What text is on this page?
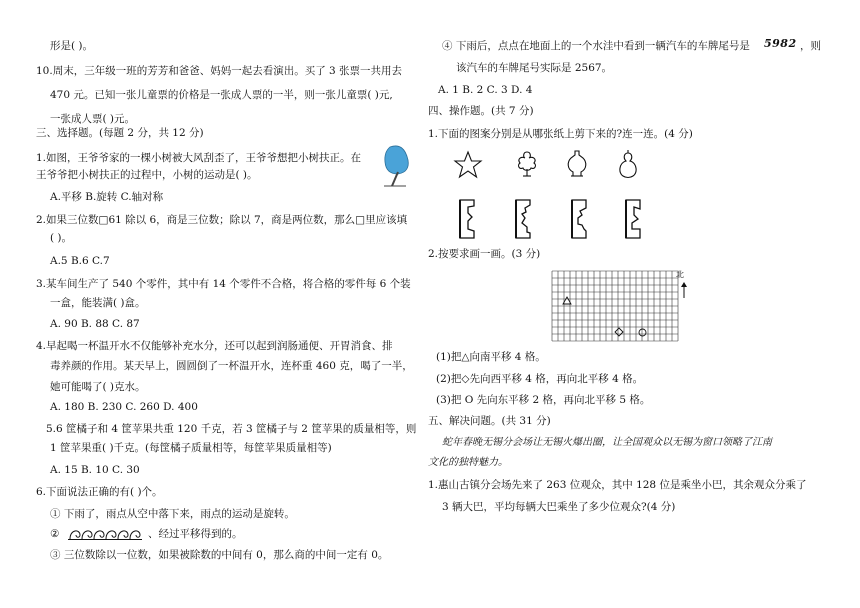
形是( )。
10.周末，三年级一班的芳芳和爸爸、妈妈一起去看演出。买了 3 张票一共用去
470 元。已知一张儿童票的价格是一张成人票的一半，则一张儿童票( )元,
一张成人票( )元。
三、选择题。(每题 2 分，共 12 分)
1.如图，王爷爷家的一棵小树被大风刮歪了，王爷爷想把小树扶正。在
王爷爷把小树扶正的过程中，小树的运动是( )。
A.平移 B.旋转 C.轴对称
2.如果三位数□61 除以 6，商是三位数；除以 7，商是两位数，那么□里应该填
( )。
A.5 B.6 C.7
3.某车间生产了 540 个零件，其中有 14 个零件不合格，将合格的零件每 6 个装
一盒，能装满( )盒。
A. 90 B. 88 C. 87
4.早起喝一杯温开水不仅能够补充水分，还可以起到润肠通便、开胃消食、排
毒养颜的作用。某天早上，圆圆倒了一杯温开水，连杯重 460 克，喝了一半，
她可能喝了( )克水。
A. 180 B. 230 C. 260 D. 400
5.6 筐橘子和 4 筐苹果共重 120 千克，若 3 筐橘子与 2 筐苹果的质量相等，则
1 筐苹果重( )千克。(每筐橘子质量相等，每筐苹果质量相等)
A. 15 B. 10 C. 30
6.下面说法正确的有( )个。
① 下雨了，雨点从空中落下来，雨点的运动是旋转。
②	、经过平移得到的。
③ 三位数除以一位数，如果被除数的中间有 0，那么商的中间一定有 0。
④ 下雨后，点点在地面上的一个水洼中看到一辆汽车的车牌尾号是 5982 ，则
该汽车的车牌尾号实际是 2567。
A. 1 B. 2 C. 3 D. 4
四、操作题。(共 7 分)
1.下面的图案分别是从哪张纸上剪下来的?连一连。(4 分)
2.按要求画一画。(3 分)
北
(1)把△向南平移 4 格。
(2)把◇先向西平移 4 格，再向北平移 4 格。
(3)把 O 先向东平移 2 格，再向北平移 5 格。
五、解决问题。(共 31 分)
蛇年春晚无锡分会场让无锡火爆出圈，让全国观众以无锡为窗口领略了江南
文化的独特魅力。
1.惠山古镇分会场先来了 263 位观众，其中 128 位是乘坐小巴，其余观众分乘了
3 辆大巴，平均每辆大巴乘坐了多少位观众?(4 分)
